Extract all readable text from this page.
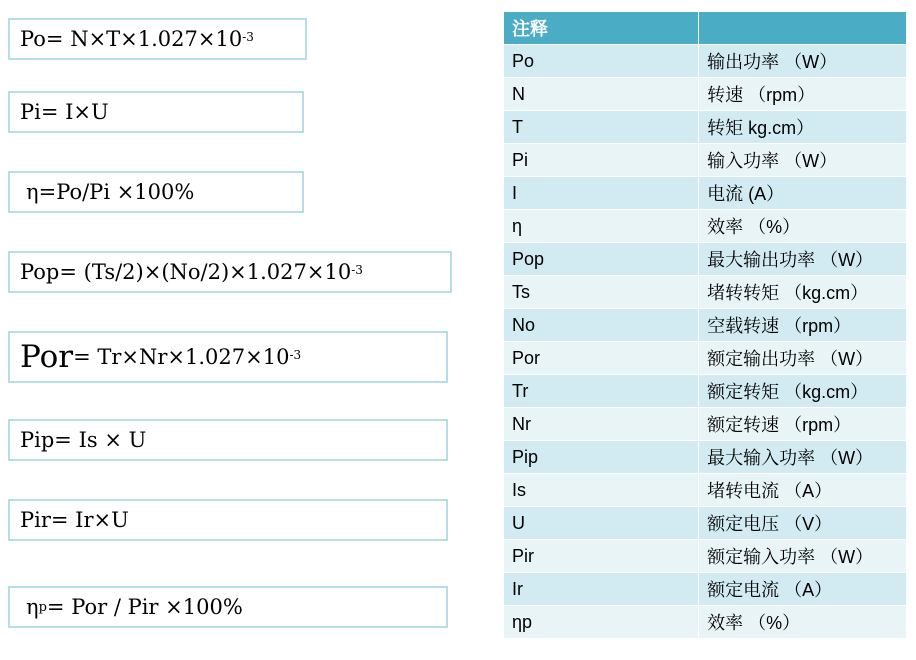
$Po = N\times T\times 1.027\times 10^{-3}$
Pi = I×U
η =Po/Pi ×100%
Pop = $(Ts/2)\times(No/2)\times 1.027\times 10^{-3}$
Por = $Tr\times Nr\times 1.027\times 10^{-3}$
Pip = Is × U
Pir = Ir×U
η p = Por / Pir ×100%
注释	
Po	输出功率 （W）
N	转速 （rpm）
T	转矩 kg.cm）
Pi	输入功率 （W）
I	电流 (A）
η	效率 （%）
Pop	最大输出功率 （W）
Ts	堵转转矩 （kg.cm）
No	空载转速 （rpm）
Por	额定输出功率 （W）
Tr	额定转矩 （kg.cm）
Nr	额定转速 （rpm）
Pip	最大输入功率 （W）
Is	堵转电流 （A）
U	额定电压 （V）
Pir	额定输入功率 （W）
Ir	额定电流 （A）
ηp	效率 （%）
